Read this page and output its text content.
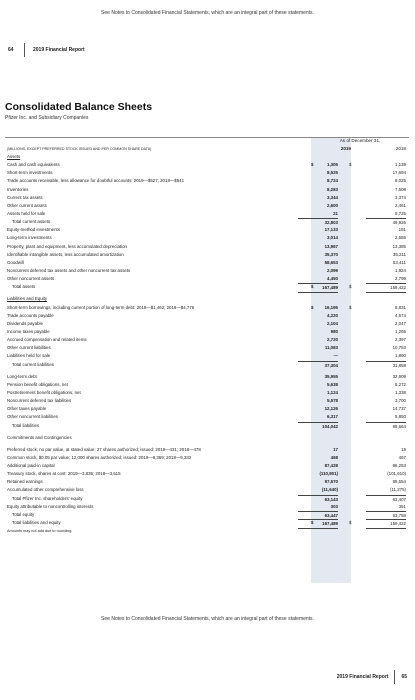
See Notes to Consolidated Financial Statements, which are an integral part of these statements.
64	2019 Financial Report
Consolidated Balance Sheets
Pfizer Inc. and Subsidiary Companies
As of December 31,
(MILLIONS, EXCEPT PREFERRED STOCK ISSUED AND PER COMMON SHARE DATA)	2019	2018
Assets
Cash and cash equivalents	$	1,305	$	1,139
Short-term investments	8,525	17,694
Trade accounts receivable, less allowance for doubtful accounts: 2019—$527; 2018—$541	8,724	8,025
Inventories	8,283	7,508
Current tax assets	3,344	3,374
Other current assets	2,600	2,461
Assets held for sale	21	9,725
Total current assets	32,803	49,926
Equity-method investments	17,133	181
Long-term investments	3,014	2,586
Property, plant and equipment, less accumulated depreciation	13,967	13,385
Identifiable intangible assets, less accumulated amortization	35,370	35,211
Goodwill	58,653	53,411
Noncurrent deferred tax assets and other noncurrent tax assets	2,099	1,924
Other noncurrent assets	4,450	2,799
Total assets	$	167,489	$	159,422
Liabilities and Equity
Short-term borrowings, including current portion of long-term debt: 2019—$1,462; 2018—$4,776	$	16,195	$	8,831
Trade accounts payable	4,220	4,674
Dividends payable	2,104	2,047
Income taxes payable	980	1,265
Accrued compensation and related items	2,720	2,397
Other current liabilities	11,083	10,753
Liabilities held for sale	—	1,890
Total current liabilities	37,304	31,858
Long-term debt	35,955	32,909
Pension benefit obligations, net	5,638	5,272
Postretirement benefit obligations, net	1,124	1,338
Noncurrent deferred tax liabilities	5,578	3,700
Other taxes payable	12,126	14,737
Other noncurrent liabilities	6,317	5,850
Total liabilities	104,042	95,664
Commitments and Contingencies
Preferred stock, no par value, at stated value; 27 shares authorized; issued: 2019—431; 2018—478	17	19
Common stock, $0.05 par value; 12,000 shares authorized; issued: 2019—9,369; 2018—9,332	468	467
Additional paid-in capital	87,428	86,253
Treasury stock, shares at cost: 2019—3,835; 2018—3,615	(110,801)	(101,610)
Retained earnings	97,670	89,554
Accumulated other comprehensive loss	(11,640)	(11,275)
Total Pfizer Inc. shareholders' equity	63,143	63,407
Equity attributable to noncontrolling interests	303	351
Total equity	63,447	63,758
Total liabilities and equity	$	167,489	$	159,422
Amounts may not add due to rounding.
See Notes to Consolidated Financial Statements, which are an integral part of these statements.
2019 Financial Report	65
